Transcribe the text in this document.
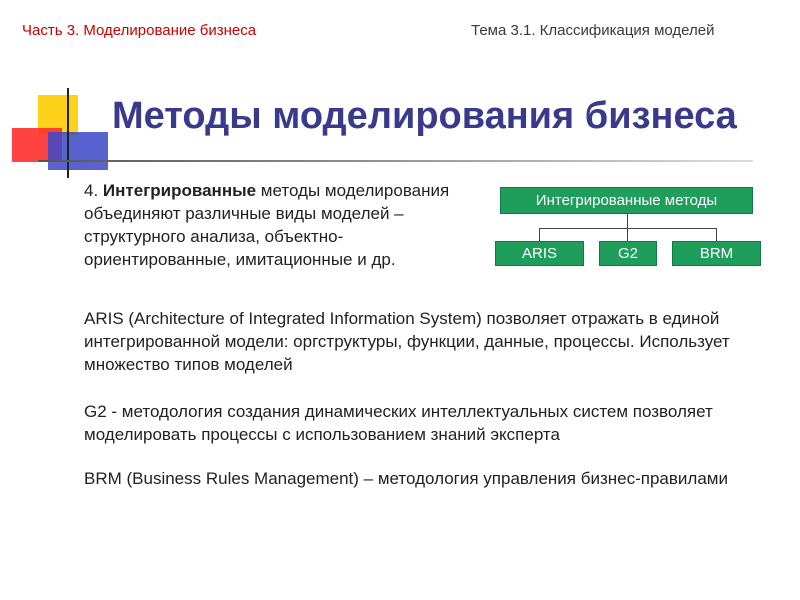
Часть 3. Моделирование бизнеса	Тема 3.1. Классификация моделей
Методы моделирования бизнеса
4. Интегрированные методы моделирования объединяют различные виды моделей – структурного анализа, объектно-ориентированные, имитационные и др.
Интегрированные методы
ARIS	G2	BRM
ARIS (Architecture of Integrated Information System) позволяет отражать в единой интегрированной модели: оргструктуры, функции, данные, процессы. Использует множество типов моделей
G2 - методология создания динамических интеллектуальных систем позволяет моделировать процессы с использованием знаний эксперта
BRM (Business Rules Management) – методология управления бизнес-правилами
